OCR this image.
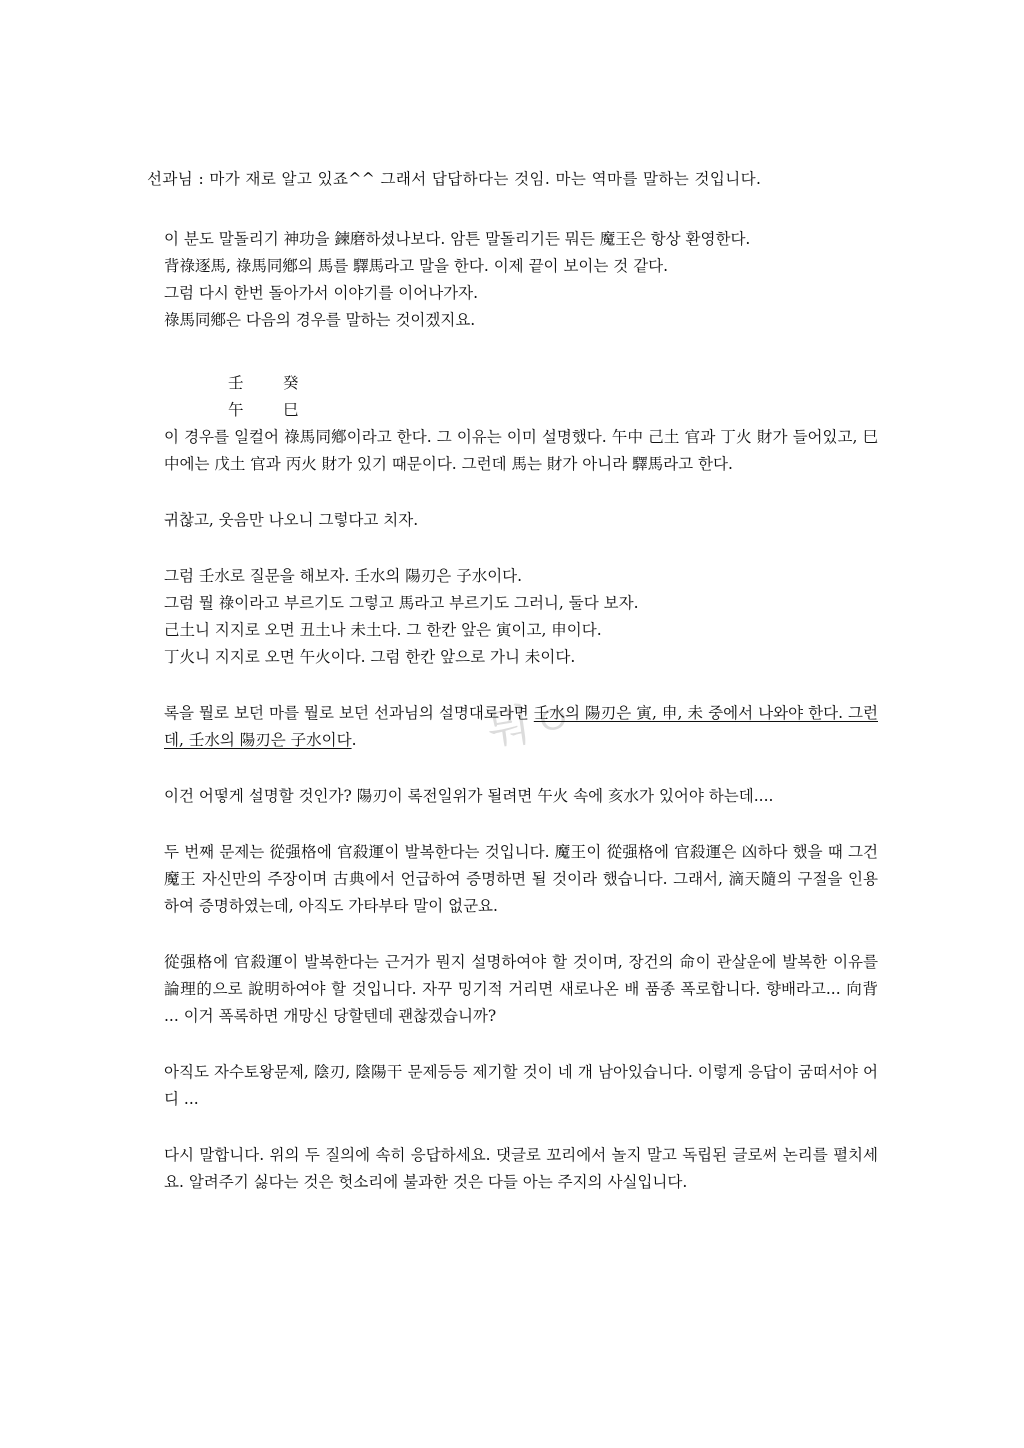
뭐ㅇ

선과님 : 마가 재로 알고 있죠^^ 그래서 답답하다는 것임. 마는 역마를 말하는 것입니다.

이 분도 말돌리기 神功을 鍊磨하셨나보다. 암튼 말돌리기든 뭐든 魔王은 항상 환영한다.

背祿逐馬, 祿馬同鄕의 馬를 驛馬라고 말을 한다. 이제 끝이 보이는 것 같다.

그럼 다시 한번 돌아가서 이야기를 이어나가자.

祿馬同鄕은 다음의 경우를 말하는 것이겠지요.

壬	癸
午	巳

이 경우를 일컬어 祿馬同鄕이라고 한다. 그 이유는 이미 설명했다. 午中 己土 官과 丁火 財가 들어있고, 巳中에는 戊土 官과 丙火 財가 있기 때문이다. 그런데 馬는 財가 아니라 驛馬라고 한다.

귀찮고, 웃음만 나오니 그렇다고 치자.

그럼 壬水로 질문을 해보자. 壬水의 陽刃은 子水이다.

그럼 뭘 祿이라고 부르기도 그렇고 馬라고 부르기도 그러니, 둘다 보자.

己土니 지지로 오면 丑土나 未土다. 그 한칸 앞은 寅이고, 申이다.

丁火니 지지로 오면 午火이다. 그럼 한칸 앞으로 가니 未이다.

록을 뭘로 보던 마를 뭘로 보던 선과님의 설명대로라면 壬水의 陽刃은 寅, 申, 未 중에서 나와야 한다. 그런데, 壬水의 陽刃은 子水이다.

이건 어떻게 설명할 것인가? 陽刃이 록전일위가 될려면 午火 속에 亥水가 있어야 하는데....

두 번째 문제는 從强格에 官殺運이 발복한다는 것입니다. 魔王이 從强格에 官殺運은 凶하다 했을 때 그건 魔王 자신만의 주장이며 古典에서 언급하여 증명하면 될 것이라 했습니다. 그래서, 滴天隨의 구절을 인용하여 증명하였는데, 아직도 가타부타 말이 없군요.

從强格에 官殺運이 발복한다는 근거가 뭔지 설명하여야 할 것이며, 장건의 命이 관살운에 발복한 이유를 論理的으로 說明하여야 할 것입니다. 자꾸 밍기적 거리면 새로나온 배 품종 폭로합니다. 향배라고... 向背 ... 이거 폭록하면 개망신 당할텐데 괜찮겠습니까?

아직도 자수토왕문제, 陰刃, 陰陽干 문제등등 제기할 것이 네 개 남아있습니다. 이렇게 응답이 굼떠서야 어디 ...

다시 말합니다. 위의 두 질의에 속히 응답하세요. 댓글로 꼬리에서 놀지 말고 독립된 글로써 논리를 펼치세요. 알려주기 싫다는 것은 헛소리에 불과한 것은 다들 아는 주지의 사실입니다.
